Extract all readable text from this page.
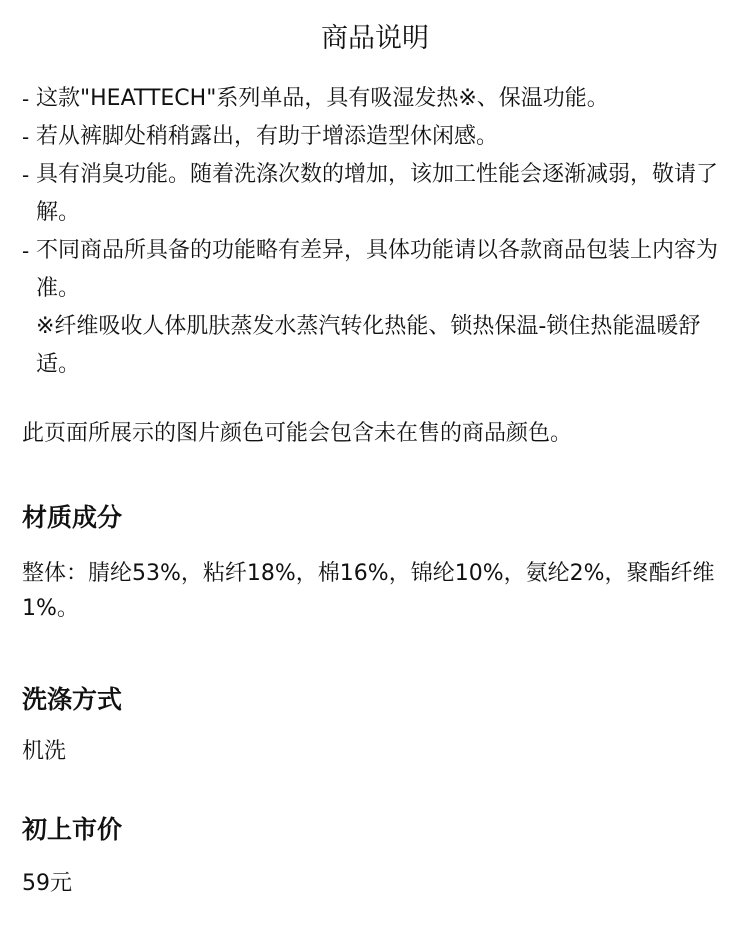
商品说明
- 这款"HEATTECH"系列单品，具有吸湿发热※、保温功能。
- 若从裤脚处稍稍露出，有助于增添造型休闲感。
- 具有消臭功能。随着洗涤次数的增加，该加工性能会逐渐减弱，敬请了解。
- 不同商品所具备的功能略有差异，具体功能请以各款商品包装上内容为准。
※纤维吸收人体肌肤蒸发水蒸汽转化热能、锁热保温-锁住热能温暖舒适。

此页面所展示的图片颜色可能会包含未在售的商品颜色。

材质成分

整体：腈纶53%，粘纤18%，棉16%，锦纶10%，氨纶2%，聚酯纤维1%。

洗涤方式

机洗

初上市价

59元
